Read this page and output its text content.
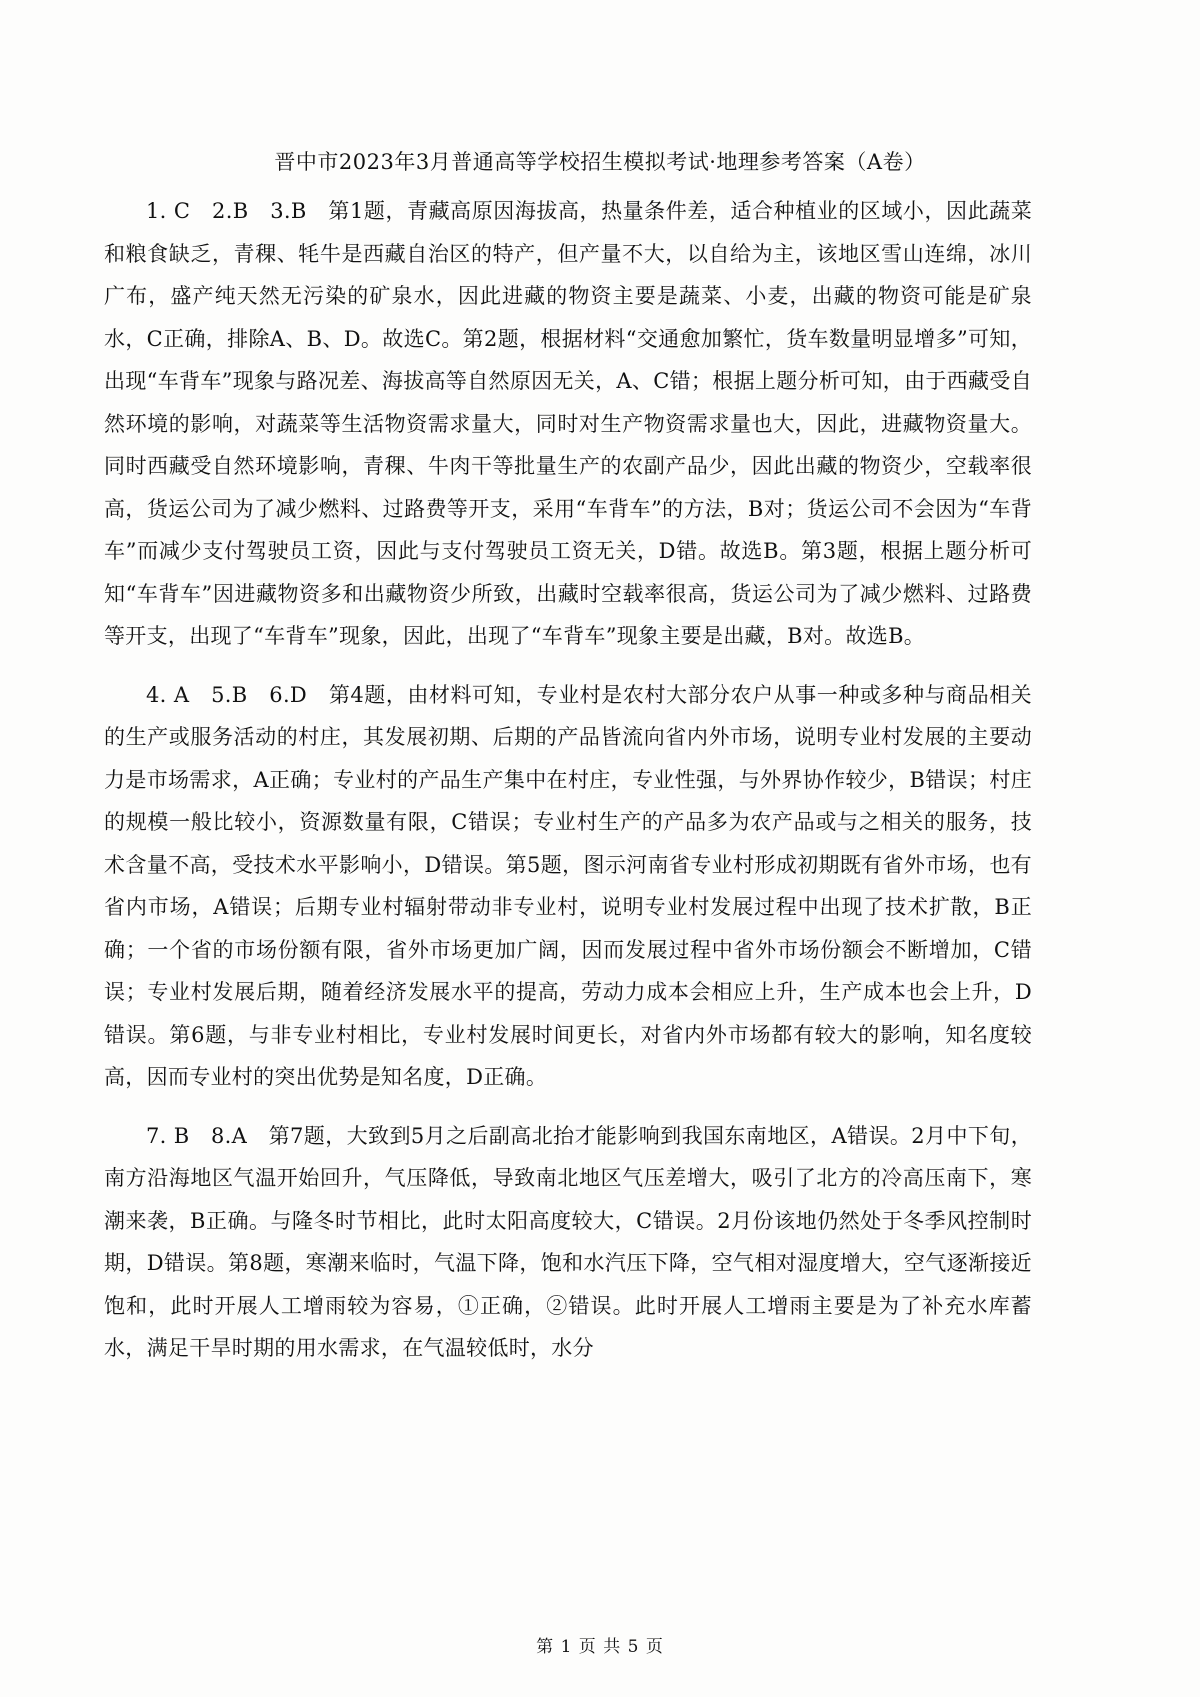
晋中市2023年3月普通高等学校招生模拟考试·地理参考答案（A卷）

1. C　2.B　3.B　第1题，青藏高原因海拔高，热量条件差，适合种植业的区域小，因此蔬菜和粮食缺乏，青稞、牦牛是西藏自治区的特产，但产量不大，以自给为主，该地区雪山连绵，冰川广布，盛产纯天然无污染的矿泉水，因此进藏的物资主要是蔬菜、小麦，出藏的物资可能是矿泉水，C正确，排除A、B、D。故选C。第2题，根据材料“交通愈加繁忙，货车数量明显增多”可知，出现“车背车”现象与路况差、海拔高等自然原因无关，A、C错；根据上题分析可知，由于西藏受自然环境的影响，对蔬菜等生活物资需求量大，同时对生产物资需求量也大，因此，进藏物资量大。同时西藏受自然环境影响，青稞、牛肉干等批量生产的农副产品少，因此出藏的物资少，空载率很高，货运公司为了减少燃料、过路费等开支，采用“车背车”的方法，B对；货运公司不会因为“车背车”而减少支付驾驶员工资，因此与支付驾驶员工资无关，D错。故选B。第3题，根据上题分析可知“车背车”因进藏物资多和出藏物资少所致，出藏时空载率很高，货运公司为了减少燃料、过路费等开支，出现了“车背车”现象，因此，出现了“车背车”现象主要是出藏，B对。故选B。

4. A　5.B　6.D　第4题，由材料可知，专业村是农村大部分农户从事一种或多种与商品相关的生产或服务活动的村庄，其发展初期、后期的产品皆流向省内外市场，说明专业村发展的主要动力是市场需求，A正确；专业村的产品生产集中在村庄，专业性强，与外界协作较少，B错误；村庄的规模一般比较小，资源数量有限，C错误；专业村生产的产品多为农产品或与之相关的服务，技术含量不高，受技术水平影响小，D错误。第5题，图示河南省专业村形成初期既有省外市场，也有省内市场，A错误；后期专业村辐射带动非专业村，说明专业村发展过程中出现了技术扩散，B正确；一个省的市场份额有限，省外市场更加广阔，因而发展过程中省外市场份额会不断增加，C错误；专业村发展后期，随着经济发展水平的提高，劳动力成本会相应上升，生产成本也会上升，D错误。第6题，与非专业村相比，专业村发展时间更长，对省内外市场都有较大的影响，知名度较高，因而专业村的突出优势是知名度，D正确。

7. B　8.A　第7题，大致到5月之后副高北抬才能影响到我国东南地区，A错误。2月中下旬，南方沿海地区气温开始回升，气压降低，导致南北地区气压差增大，吸引了北方的冷高压南下，寒潮来袭，B正确。与隆冬时节相比，此时太阳高度较大，C错误。2月份该地仍然处于冬季风控制时期，D错误。第8题，寒潮来临时，气温下降，饱和水汽压下降，空气相对湿度增大，空气逐渐接近饱和，此时开展人工增雨较为容易，①正确，②错误。此时开展人工增雨主要是为了补充水库蓄水，满足干旱时期的用水需求，在气温较低时，水分

第 1 页 共 5 页
